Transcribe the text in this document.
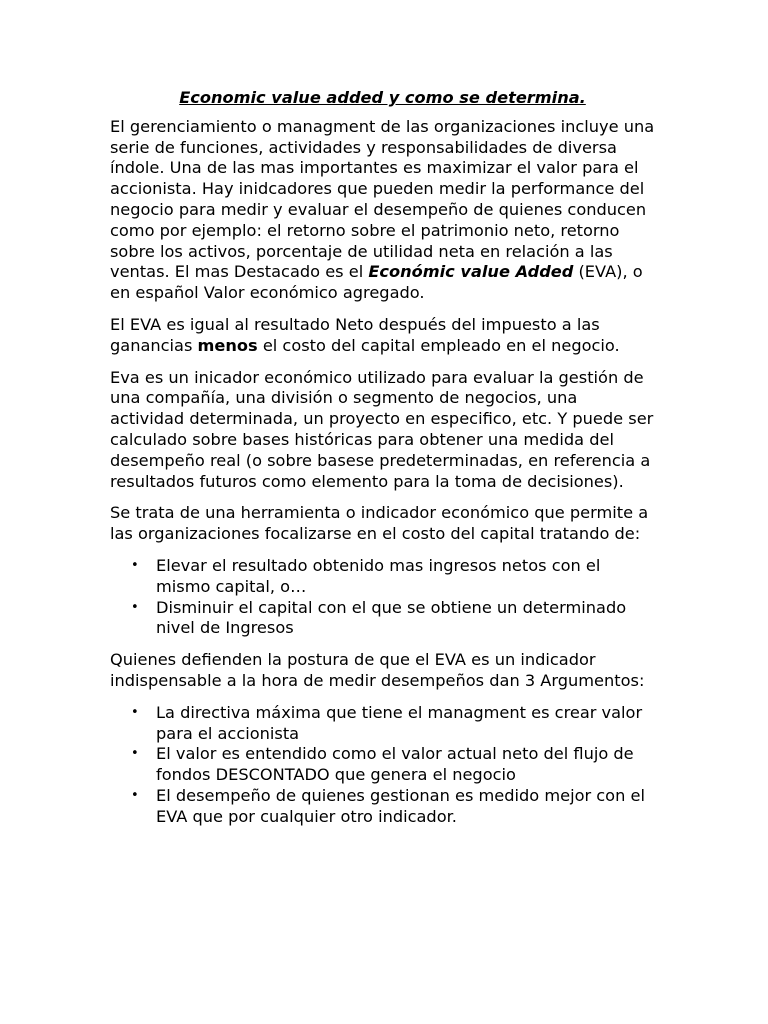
Economic value added y como se determina.

El gerenciamiento o managment de las organizaciones incluye una serie de funciones, actividades y responsabilidades de diversa índole. Una de las mas importantes es maximizar el valor para el accionista. Hay inidcadores que pueden medir la performance del negocio para medir y evaluar el desempeño de quienes conducen como por ejemplo: el retorno sobre el patrimonio neto, retorno sobre los activos, porcentaje de utilidad neta en relación a las ventas. El mas Destacado es el Económic value Added (EVA), o en español Valor económico agregado.

El EVA es igual al resultado Neto después del impuesto a las ganancias menos el costo del capital empleado en el negocio.

Eva es un inicador económico utilizado para evaluar la gestión de una compañía, una división o segmento de negocios, una actividad determinada, un proyecto en especifico, etc. Y puede ser calculado sobre bases históricas para obtener una medida del desempeño real (o sobre basese predeterminadas, en referencia a resultados futuros como elemento para la toma de decisiones).

Se trata de una herramienta o indicador económico que permite a las organizaciones focalizarse en el costo del capital tratando de:

• Elevar el resultado obtenido mas ingresos netos con el mismo capital, o…
• Disminuir el capital con el que se obtiene un determinado nivel de Ingresos

Quienes defienden la postura de que el EVA es un indicador indispensable a la hora de medir desempeños dan 3 Argumentos:

• La directiva máxima que tiene el managment es crear valor para el accionista
• El valor es entendido como el valor actual neto del flujo de fondos DESCONTADO que genera el negocio
• El desempeño de quienes gestionan es medido mejor con el EVA que por cualquier otro indicador.
